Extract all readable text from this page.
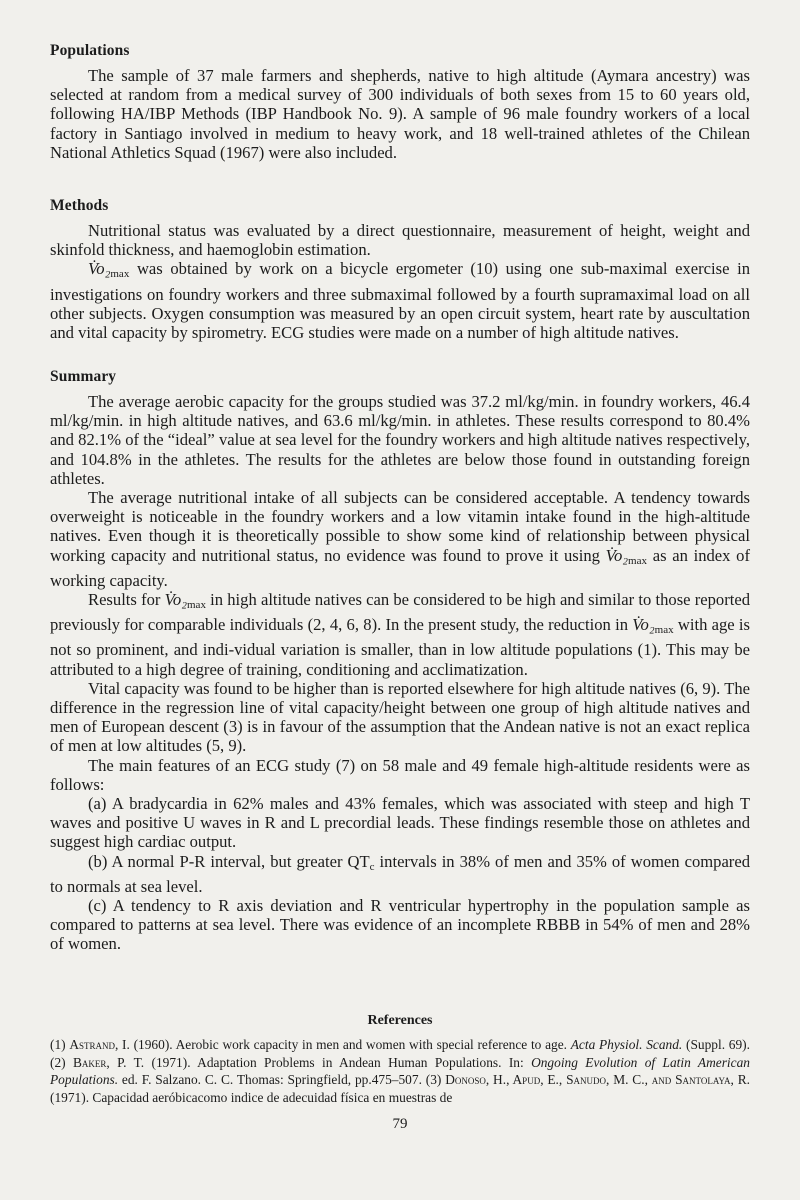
Populations

The sample of 37 male farmers and shepherds, native to high altitude (Aymara ancestry) was selected at random from a medical survey of 300 individuals of both sexes from 15 to 60 years old, following HA/IBP Methods (IBP Handbook No. 9). A sample of 96 male foundry workers of a local factory in Santiago involved in medium to heavy work, and 18 well-trained athletes of the Chilean National Athletics Squad (1967) were also included.

Methods

Nutritional status was evaluated by a direct questionnaire, measurement of height, weight and skinfold thickness, and haemoglobin estimation.

$V̇o_2_{max}$ was obtained by work on a bicycle ergometer (10) using one sub-maximal exercise in investigations on foundry workers and three submaximal followed by a fourth supramaximal load on all other subjects. Oxygen consumption was measured by an open circuit system, heart rate by auscultation and vital capacity by spirometry. ECG studies were made on a number of high altitude natives.

Summary

The average aerobic capacity for the groups studied was 37.2 ml/kg/min. in foundry workers, 46.4 ml/kg/min. in high altitude natives, and 63.6 ml/kg/min. in athletes. These results correspond to 80.4% and 82.1% of the “ideal” value at sea level for the foundry workers and high altitude natives respectively, and 104.8% in the athletes. The results for the athletes are below those found in outstanding foreign athletes.

The average nutritional intake of all subjects can be considered acceptable. A tendency towards overweight is noticeable in the foundry workers and a low vitamin intake found in the high-altitude natives. Even though it is theoretically possible to show some kind of relationship between physical working capacity and nutritional status, no evidence was found to prove it using $V̇o_2_{max}$ as an index of working capacity.

Results for $V̇o_2_{max}$ in high altitude natives can be considered to be high and similar to those reported previously for comparable individuals (2, 4, 6, 8). In the present study, the reduction in $V̇o_2_{max}$ with age is not so prominent, and indi-vidual variation is smaller, than in low altitude populations (1). This may be attributed to a high degree of training, conditioning and acclimatization.

Vital capacity was found to be higher than is reported elsewhere for high altitude natives (6, 9). The difference in the regression line of vital capacity/height between one group of high altitude natives and men of European descent (3) is in favour of the assumption that the Andean native is not an exact replica of men at low altitudes (5, 9).

The main features of an ECG study (7) on 58 male and 49 female high-altitude residents were as follows:

(a) A bradycardia in 62% males and 43% females, which was associated with steep and high T waves and positive U waves in R and L precordial leads. These findings resemble those on athletes and suggest high cardiac output.

(b) A normal P-R interval, but greater $QT_c$ intervals in 38% of men and 35% of women compared to normals at sea level.

(c) A tendency to R axis deviation and R ventricular hypertrophy in the population sample as compared to patterns at sea level. There was evidence of an incomplete RBBB in 54% of men and 28% of women.

References
(1) Astrand, I. (1960). Aerobic work capacity in men and women with special reference to age. Acta Physiol. Scand. (Suppl. 69). (2) Baker, P. T. (1971). Adaptation Problems in Andean Human Populations. In: Ongoing Evolution of Latin American Populations. ed. F. Salzano. C. C. Thomas: Springfield, pp.475–507. (3) Donoso, H., Apud, E., Sanudo, M. C., and Santolaya, R. (1971). Capacidad aeróbicacomo indice de adecuidad física en muestras de
79
